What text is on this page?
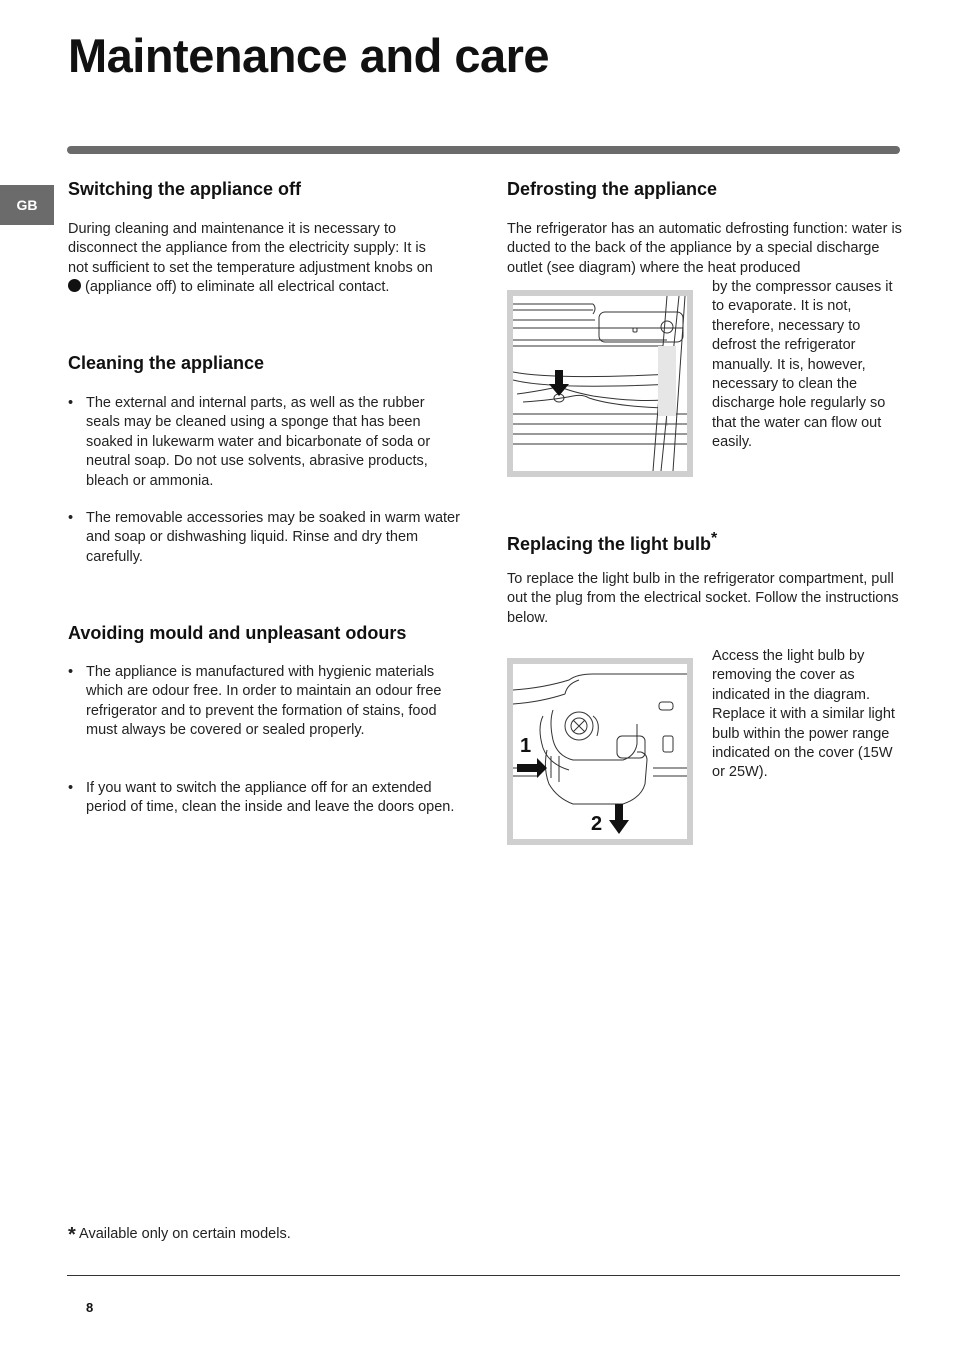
Maintenance and care
GB
Switching the appliance off

During cleaning and maintenance it is necessary to disconnect the appliance from the electricity supply: It is not sufficient to set the temperature adjustment knobs on  (appliance off) to eliminate all electrical contact.

Cleaning the appliance
• The external and internal parts, as well as the rubber seals may be cleaned using a sponge that has been soaked in lukewarm water and bicarbonate of soda or neutral soap. Do not use solvents, abrasive products, bleach or ammonia.
• The removable accessories may be soaked in warm water and soap or dishwashing liquid. Rinse and dry them carefully.
Avoiding mould and unpleasant odours
• The appliance is manufactured with hygienic materials which are odour free. In order to maintain an odour free refrigerator and to prevent the formation of stains, food must always be covered or sealed properly.
• If you want to switch the appliance off for an extended period of time, clean the inside and leave the doors open.
Defrosting the appliance

The refrigerator has an automatic defrosting function: water is ducted to the back of the appliance by a special discharge outlet (see diagram) where the heat produced

by the compressor causes it to evaporate. It is not, therefore, necessary to defrost the refrigerator manually. It is, however, necessary to clean the discharge hole regularly so that the water can flow out easily.

Replacing the light bulb*

To replace the light bulb in the refrigerator compartment, pull out the plug from the electrical socket. Follow the instructions below.

1
2

Access the light bulb by removing the cover as indicated in the diagram. Replace it with a similar light bulb within the power range indicated on the cover (15W or 25W).

* Available only on certain models.
8
